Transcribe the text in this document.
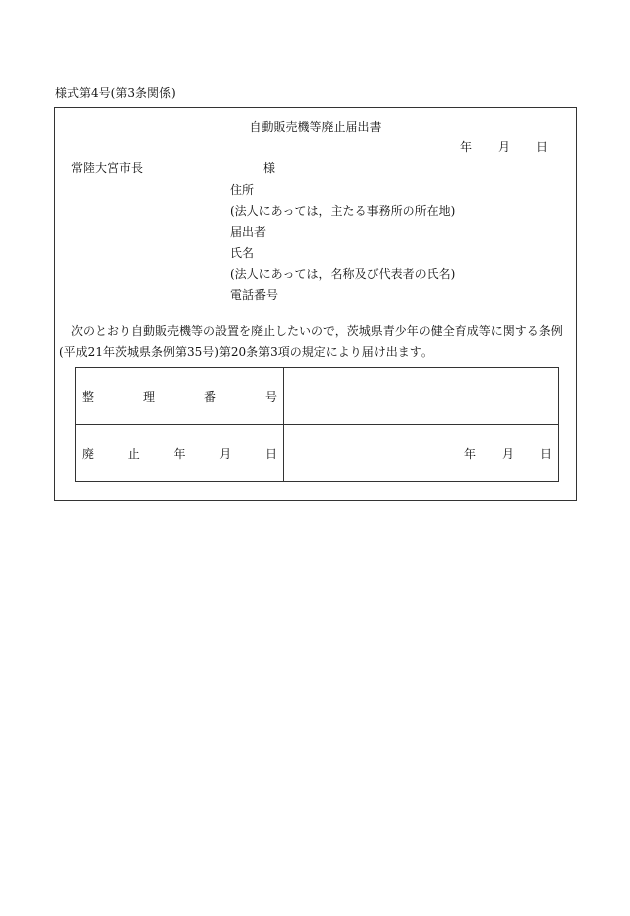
様式第4号(第3条関係)
自動販売機等廃止届出書
年 月 日
常陸大宮市長	様
住所
(法人にあっては，主たる事務所の所在地)
届出者
氏名
(法人にあっては，名称及び代表者の氏名)
電話番号
次のとおり自動販売機等の設置を廃止したいので，茨城県青少年の健全育成等に関する条例(平成21年茨城県条例第35号)第20条第3項の規定により届け出ます。
整 理 番 号	

廃 止 年 月 日	年 月 日
